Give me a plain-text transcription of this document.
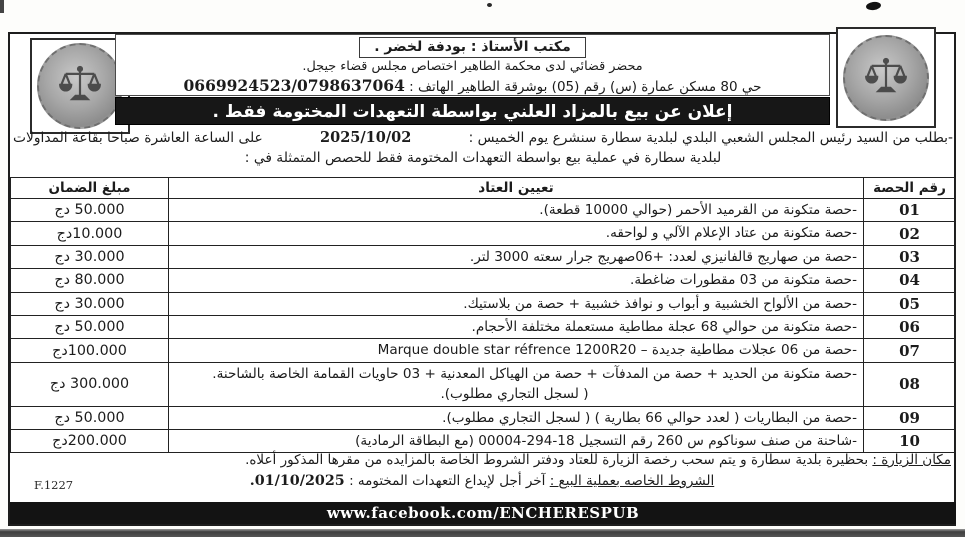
مكتب الأستاذ : بودفة لخضر .
محضر قضائي لدى محكمة الطاهير اختصاص مجلس قضاء جيجل.
حي 80 مسكن عمارة (س) رقم (05) بوشرقة الطاهير الهاتف : 0669924523/0798637064
إعلان عن بيع بالمزاد العلني بواسطة التعهدات المختومة فقط .
-بطلب من السيد رئيس المجلس الشعبي البلدي لبلدية سطارة سنشرع يوم الخميس :
2025/10/02
على الساعة العاشرة صباحا بقاعة المداولات
لبلدية سطارة في عملية بيع بواسطة التعهدات المختومة فقط للحصص المتمثلة في :
رقم الحصة	تعيين العتاد	مبلغ الضمان
01	-حصة متكونة من القرميد الأحمر (حوالي 10000 قطعة).	50.000 دج
02	-حصة متكونة من عتاد الإعلام الآلي و لواحقه.	10.000دج
03	-حصة من صهاريج قالفانيزي لعدد: +06صهريج جرار سعته 3000 لتر.	30.000 دج
04	-حصة متكونة من 03 مقطورات ضاغطة.	80.000 دج
05	-حصة من الألواح الخشبية و أبواب و نوافذ خشبية + حصة من بلاستيك.	30.000 دج
06	-حصة متكونة من حوالي 68 عجلة مطاطية مستعملة مختلفة الأحجام.	50.000 دج
07	-حصة من 06 عجلات مطاطية جديدة – Marque double star réfrence 1200R20	100.000دج
08	-حصة متكونة من الحديد + حصة من المدفآت + حصة من الهياكل المعدنية + 03 حاويات القمامة الخاصة بالشاحنة.
( لسجل التجاري مطلوب).	300.000 دج
09	-حصة من البطاريات ( لعدد حوالي 66 بطارية ) ( لسجل التجاري مطلوب).	50.000 دج
10	-شاحنة من صنف سوناكوم س 260 رقم التسجيل 18-294-00004 (مع البطاقة الرمادية)	200.000دج
مكان الزيارة : بحظيرة بلدية سطارة و يتم سحب رخصة الزيارة للعتاد ودفتر الشروط الخاصة بالمزايده من مقرها المذكور أعلاه.
الشروط الخاصه بعملية البيع : آخر أجل لإيداع التعهدات المختومه : 01/10/2025.
F.1227
www.facebook.com/ENCHERESPUB
